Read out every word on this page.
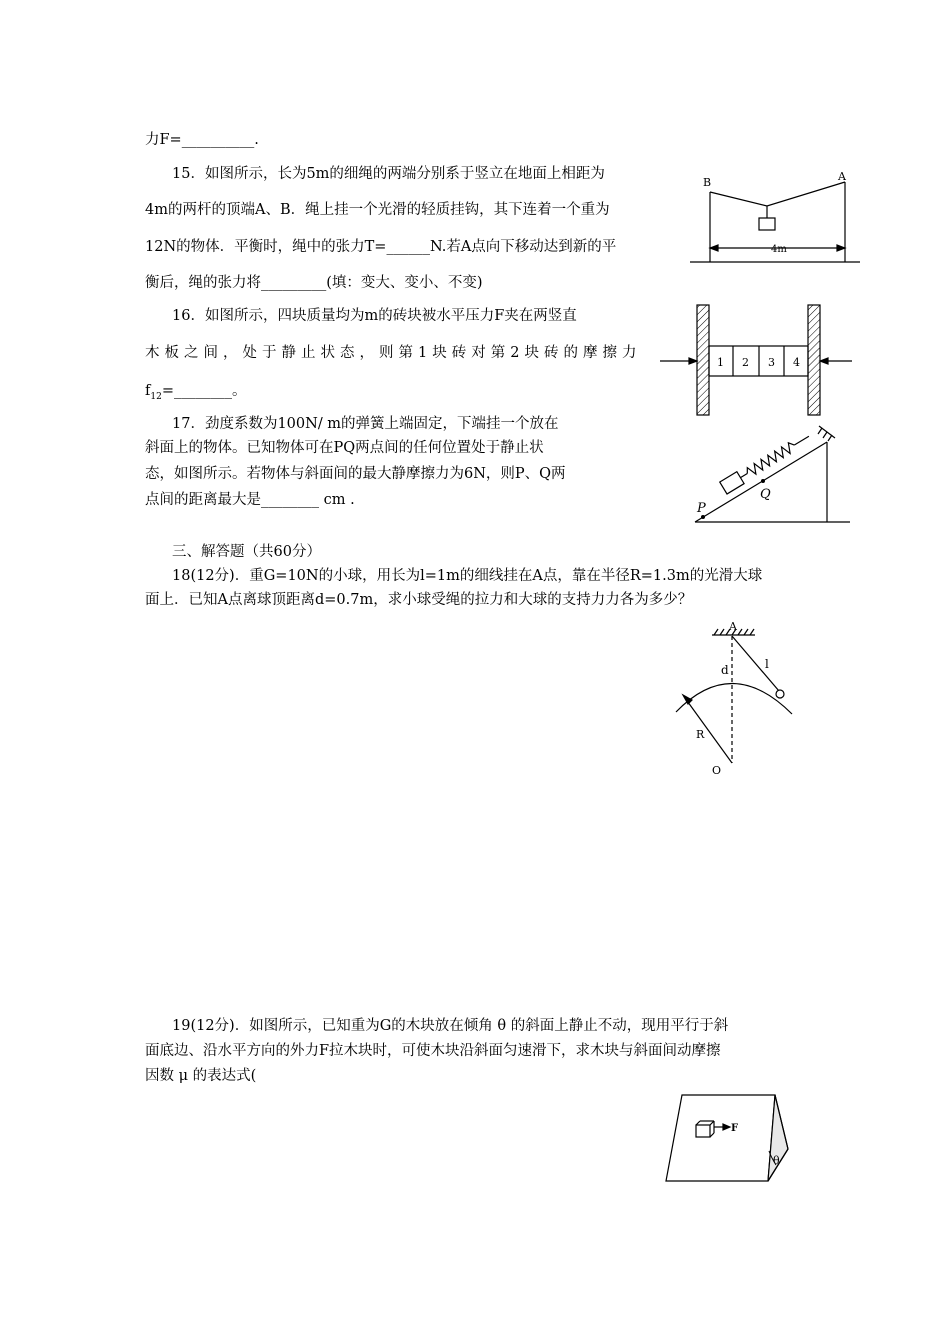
力F=__________.
15．如图所示，长为5m的细绳的两端分别系于竖立在地面上相距为
4m的两杆的顶端A、B．绳上挂一个光滑的轻质挂钩，其下连着一个重为
12N的物体．平衡时，绳中的张力T=______N.若A点向下移动达到新的平
衡后，绳的张力将_________(填：变大、变小、不变)
B	A
4m
16．如图所示，四块质量均为m的砖块被水平压力F夹在两竖直
木板之间，处于静止状态，则第1块砖对第2块砖的摩擦力
$f_{12}=\_\_\_\_\_\_\_\_$。
1 2 3 4
17．劲度系数为100N/ m的弹簧上端固定，下端挂一个放在
斜面上的物体。已知物体可在PQ两点间的任何位置处于静止状
态，如图所示。若物体与斜面间的最大静摩擦力为6N，则P、Q两
点间的距离最大是________ cm .
P
Q
三、解答题（共60分）
18(12分)．重G=10N的小球，用长为l=1m的细线挂在A点，靠在半径R=1.3m的光滑大球
面上．已知A点离球顶距离d=0.7m，求小球受绳的拉力和大球的支持力力各为多少？
A
d	l
R
O
19(12分)．如图所示，已知重为G的木块放在倾角 θ 的斜面上静止不动，现用平行于斜
面底边、沿水平方向的外力F拉木块时，可使木块沿斜面匀速滑下，求木块与斜面间动摩擦
因数 μ 的表达式(
F
θ
